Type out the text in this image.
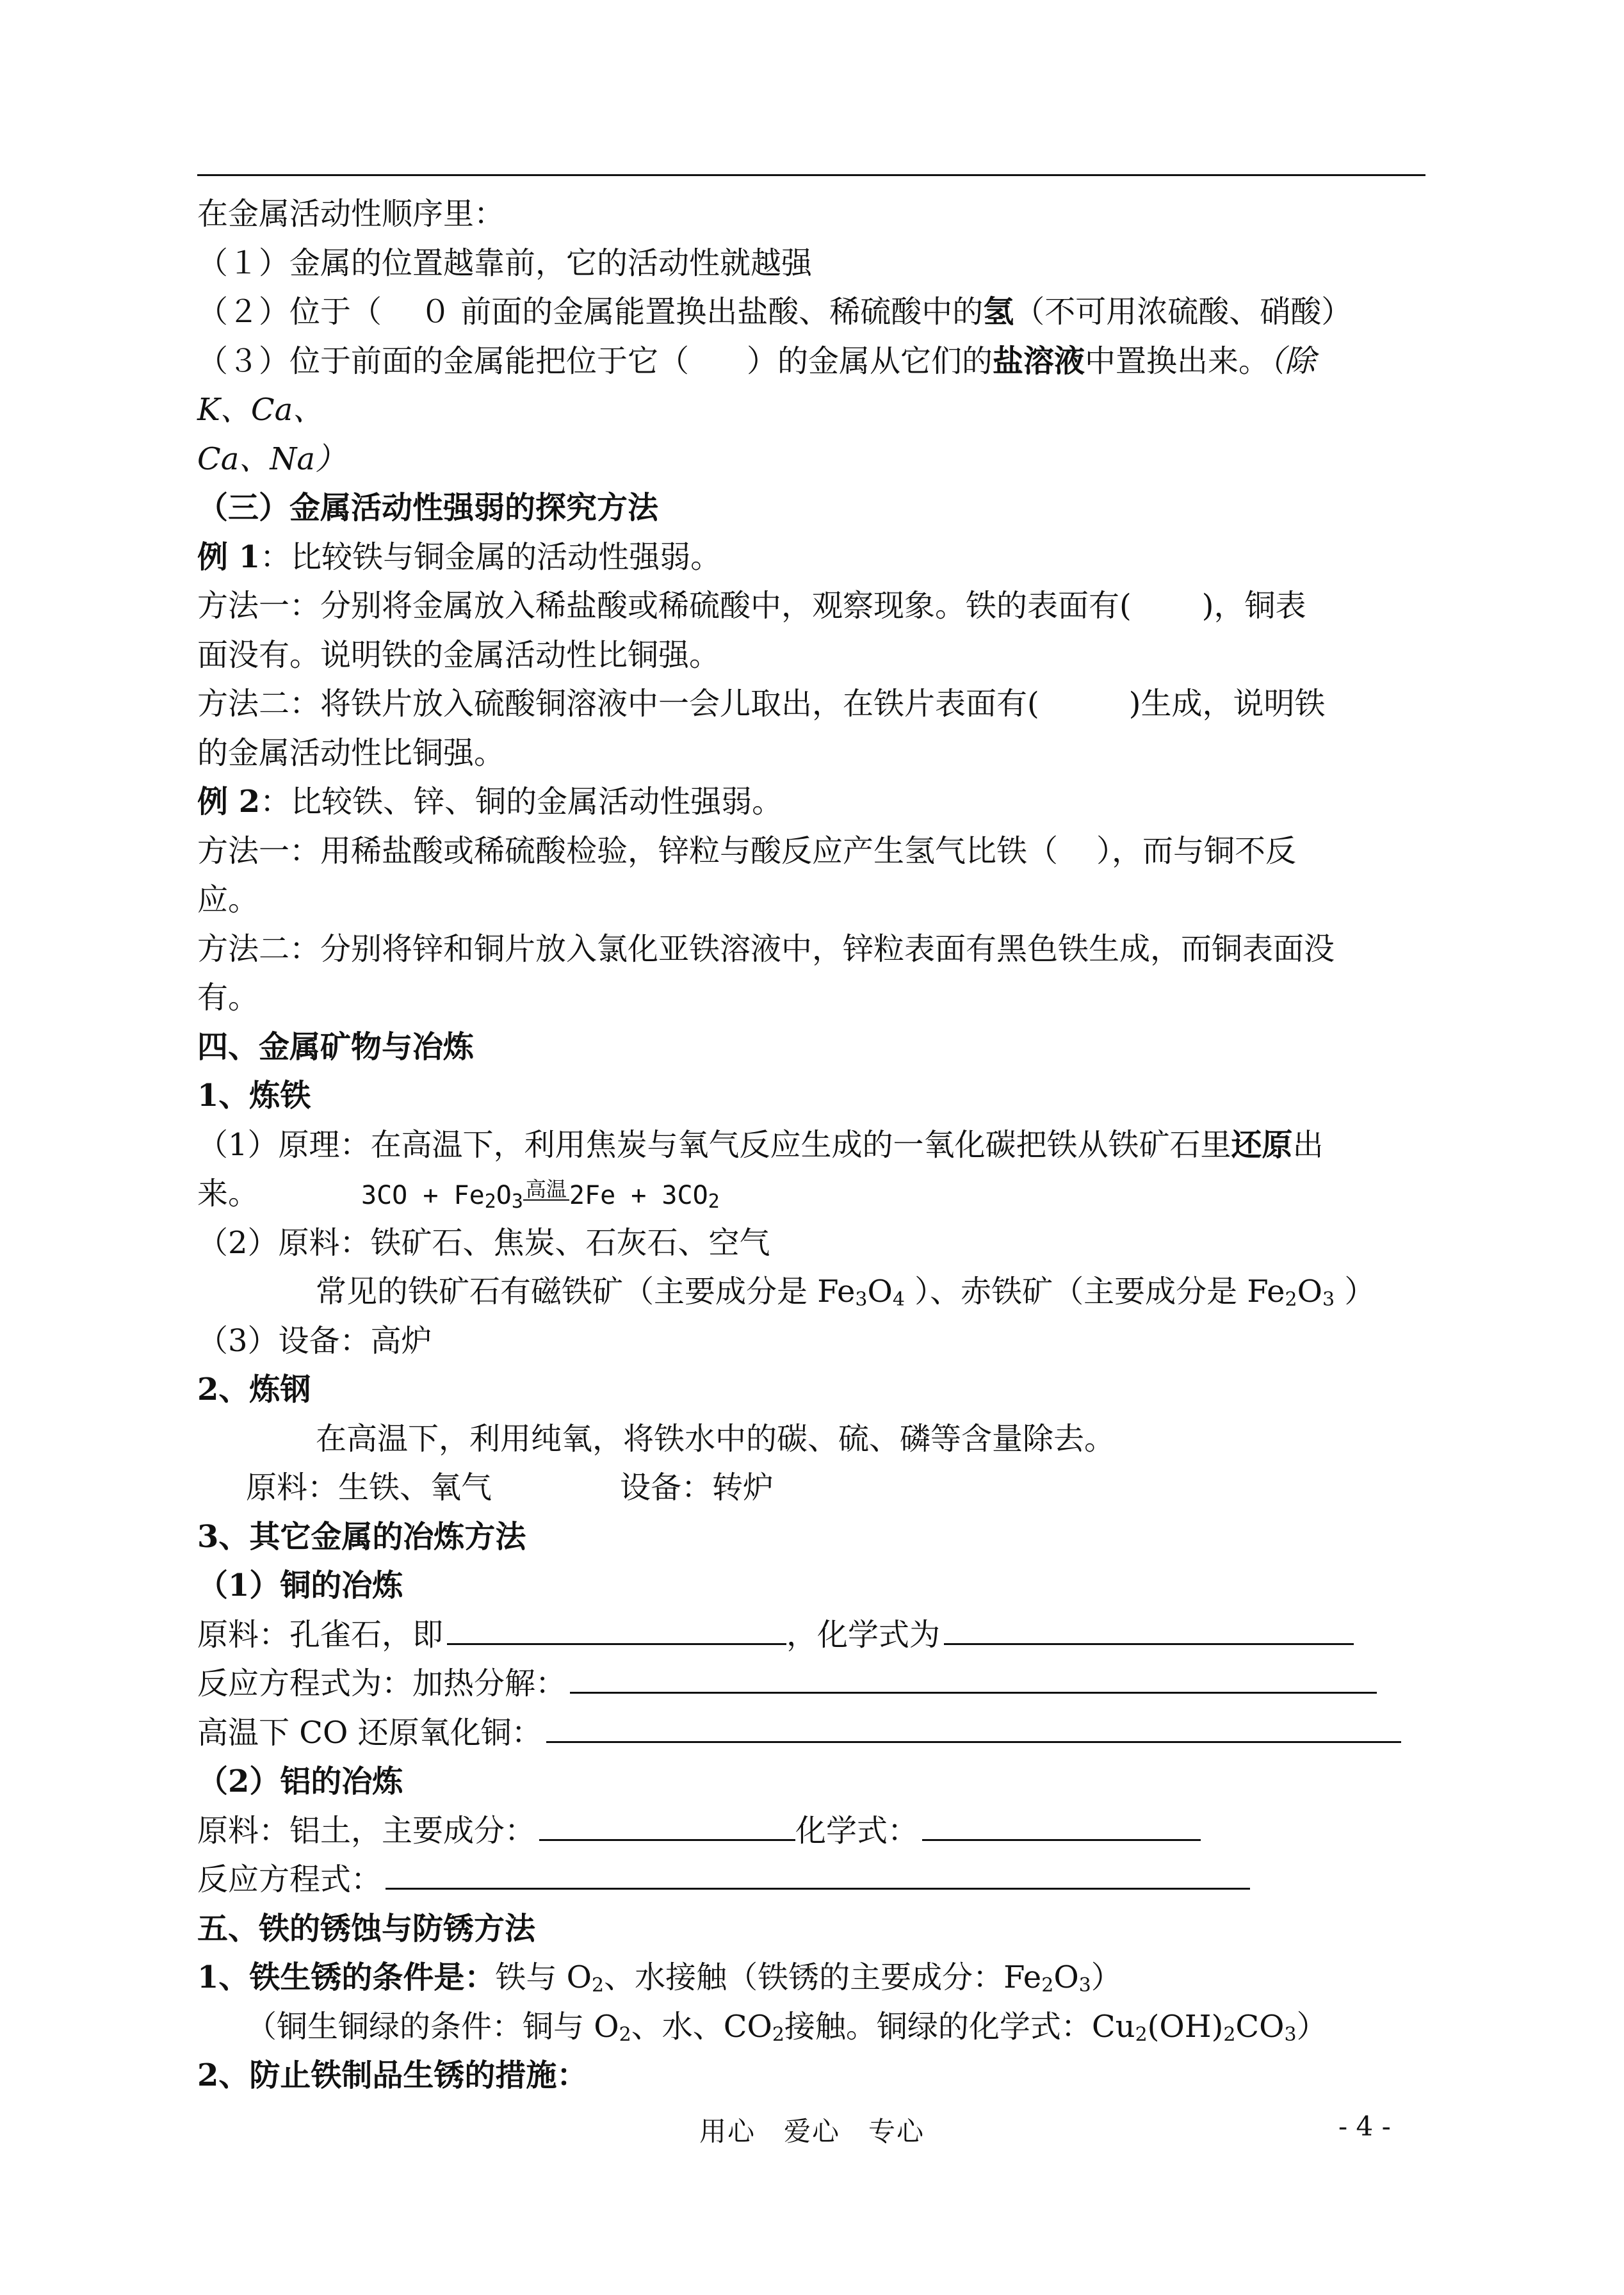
在金属活动性顺序里：
（１）金属的位置越靠前，它的活动性就越强
（２）位于（ ０ 前面的金属能置换出盐酸、稀硫酸中的氢（不可用浓硫酸、硝酸）
（３）位于前面的金属能把位于它（ ）的金属从它们的盐溶液中置换出来。（除
K、Ca、
Ca、Na）
（三）金属活动性强弱的探究方法
例 1：比较铁与铜金属的活动性强弱。
方法一：分别将金属放入稀盐酸或稀硫酸中，观察现象。铁的表面有( )，铜表
面没有。说明铁的金属活动性比铜强。
方法二：将铁片放入硫酸铜溶液中一会儿取出，在铁片表面有(	)生成，说明铁
的金属活动性比铜强。
例 2：比较铁、锌、铜的金属活动性强弱。
方法一：用稀盐酸或稀硫酸检验，锌粒与酸反应产生氢气比铁（ ），而与铜不反
应。
方法二：分别将锌和铜片放入氯化亚铁溶液中，锌粒表面有黑色铁生成，而铜表面没
有。
四、金属矿物与冶炼
1、炼铁
（1）原理：在高温下，利用焦炭与氧气反应生成的一氧化碳把铁从铁矿石里还原出
来。	$3CO + Fe_2O_3$高温 $2Fe + 3CO_2$
（2）原料：铁矿石、焦炭、石灰石、空气
常见的铁矿石有磁铁矿（主要成分是 $Fe_3O_4$ ）、赤铁矿（主要成分是 $Fe_2O_3$ ）
（3）设备：高炉
2、炼钢
在高温下，利用纯氧，将铁水中的碳、硫、磷等含量除去。
原料：生铁、氧气	设备：转炉
3、其它金属的冶炼方法
（1）铜的冶炼
原料：孔雀石，即	，化学式为
反应方程式为：加热分解：
高温下 CO 还原氧化铜：
（2）铝的冶炼
原料：铝土，主要成分：	化学式：
反应方程式：
五、铁的锈蚀与防锈方法
1、铁生锈的条件是：铁与 $O_2$、水接触（铁锈的主要成分：$Fe_2O_3$）
（铜生铜绿的条件：铜与 $O_2$、水、$CO_2$接触。铜绿的化学式：$Cu_2(OH)_2CO_3$）
2、防止铁制品生锈的措施：
用心　爱心　专心	- 4 -
